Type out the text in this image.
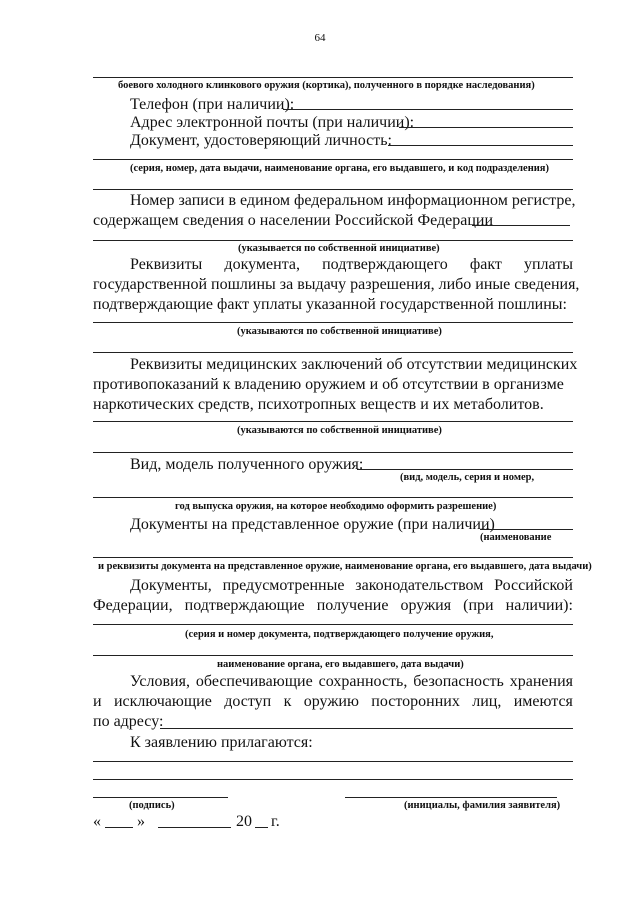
64
боевого холодного клинкового оружия (кортика), полученного в порядке наследования)
Телефон (при наличии):
Адрес электронной почты (при наличии):
Документ, удостоверяющий личность:
(серия, номер, дата выдачи, наименование органа, его выдавшего, и код подразделения)
Номер записи в едином федеральном информационном регистре,
содержащем сведения о населении Российской Федерации
(указывается по собственной инициативе)
Реквизиты документа, подтверждающего факт уплаты
государственной пошлины за выдачу разрешения, либо иные сведения,
подтверждающие факт уплаты указанной государственной пошлины:
(указываются по собственной инициативе)
Реквизиты медицинских заключений об отсутствии медицинских
противопоказаний к владению оружием и об отсутствии в организме
наркотических средств, психотропных веществ и их метаболитов.
(указываются по собственной инициативе)
Вид, модель полученного оружия:
(вид, модель, серия и номер,
год выпуска оружия, на которое необходимо оформить разрешение)
Документы на представленное оружие (при наличии)
(наименование
и реквизиты документа на представленное оружие, наименование органа, его выдавшего, дата выдачи)
Документы, предусмотренные законодательством Российской
Федерации, подтверждающие получение оружия (при наличии):
(серия и номер документа, подтверждающего получение оружия,
наименование органа, его выдавшего, дата выдачи)
Условия, обеспечивающие сохранность, безопасность хранения
и исключающие доступ к оружию посторонних лиц, имеются
по адресу:
К заявлению прилагаются:
(подпись)	(инициалы, фамилия заявителя)
« »	20 г.
